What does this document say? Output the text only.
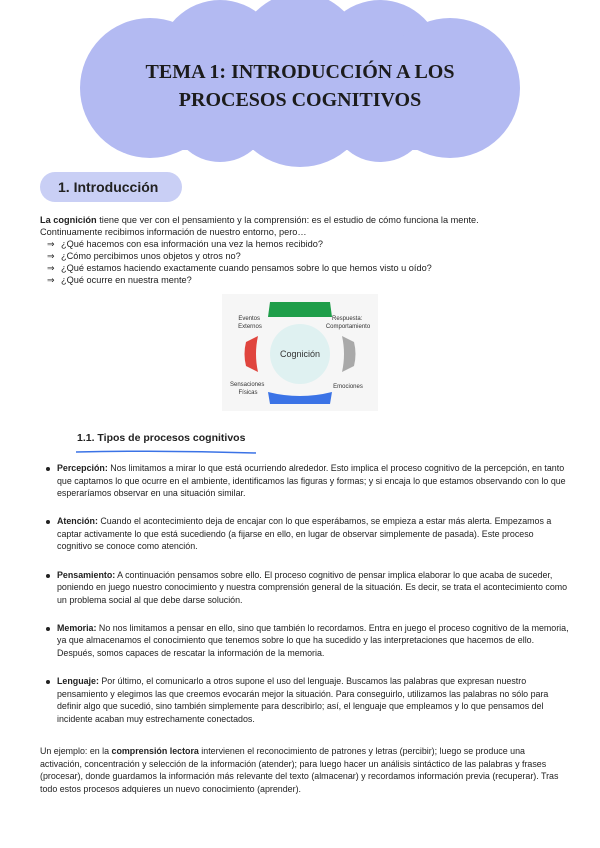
TEMA 1: INTRODUCCIÓN A LOS
PROCESOS COGNITIVOS
1. Introducción
La cognición tiene que ver con el pensamiento y la comprensión: es el estudio de cómo funciona la mente.
Continuamente recibimos información de nuestro entorno, pero…
⇒ ¿Qué hacemos con esa información una vez la hemos recibido?
⇒ ¿Cómo percibimos unos objetos y otros no?
⇒ ¿Qué estamos haciendo exactamente cuando pensamos sobre lo que hemos visto u oído?
⇒ ¿Qué ocurre en nuestra mente?
Cognición
Eventos Externos
Respuesta: Comportamiento
Sensaciones Físicas
Emociones
1.1. Tipos de procesos cognitivos
Percepción: Nos limitamos a mirar lo que está ocurriendo alrededor. Esto implica el proceso cognitivo de la percepción, en tanto que captamos lo que ocurre en el ambiente, identificamos las figuras y formas; y si encaja lo que estamos observando con lo que esperaríamos observar en una situación similar.
Atención: Cuando el acontecimiento deja de encajar con lo que esperábamos, se empieza a estar más alerta. Empezamos a captar activamente lo que está sucediendo (a fijarse en ello, en lugar de observar simplemente de pasada). Este proceso cognitivo se conoce como atención.
Pensamiento: A continuación pensamos sobre ello. El proceso cognitivo de pensar implica elaborar lo que acaba de suceder, poniendo en juego nuestro conocimiento y nuestra comprensión general de la situación. Es decir, se trata el acontecimiento como un problema social al que debe darse solución.
Memoria: No nos limitamos a pensar en ello, sino que también lo recordamos. Entra en juego el proceso cognitivo de la memoria, ya que almacenamos el conocimiento que tenemos sobre lo que ha sucedido y las interpretaciones que hacemos de ello. Después, somos capaces de rescatar la información de la memoria.
Lenguaje: Por último, el comunicarlo a otros supone el uso del lenguaje. Buscamos las palabras que expresan nuestro pensamiento y elegimos las que creemos evocarán mejor la situación. Para conseguirlo, utilizamos las palabras no sólo para definir algo que sucedió, sino también simplemente para describirlo; así, el lenguaje que empleamos y lo que pensamos del incidente acaban muy estrechamente conectados.
Un ejemplo: en la comprensión lectora intervienen el reconocimiento de patrones y letras (percibir); luego se produce una activación, concentración y selección de la información (atender); para luego hacer un análisis sintáctico de las palabras y frases (procesar), donde guardamos la información más relevante del texto (almacenar) y recordamos información previa (recuperar). Tras todo estos procesos adquieres un nuevo conocimiento (aprender).
